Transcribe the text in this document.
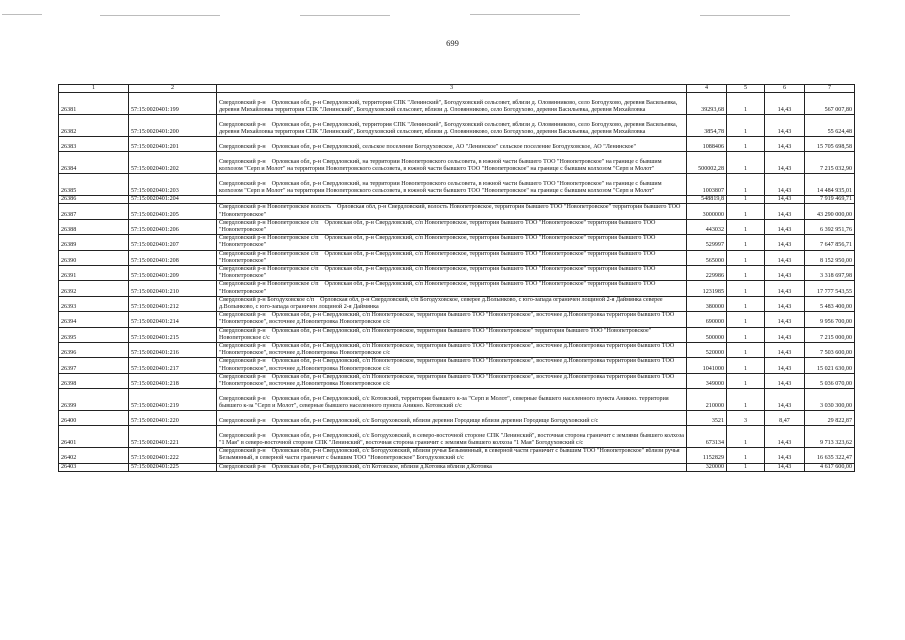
699
1	2	3	4	5	6	7
26381	57:15:0020401:199	Свердловский р-н Орловская обл, р-н Свердловский, территория СПК "Ленинский", Богодуховский сельсовет, вблизи д. Оловянниково, село Богодухово, деревня Васильевка, деревня Михайловка территория СПК "Ленинский", Богодуховский сельсовет, вблизи д. Оловянниково, село Богодухово, деревня Васильевка, деревня Михайловка	39293,68	1	14,43	567 007,80
26382	57:15:0020401:200	Свердловский р-н Орловская обл, р-н Свердловский, территория СПК "Ленинский", Богодуховский сельсовет, вблизи д. Оловянниково, село Богодухово, деревня Васильевка, деревня Михайловка территория СПК "Ленинский", Богодуховский сельсовет, вблизи д. Оловянниково, село Богодухово, деревня Васильевка, деревня Михайловка	3854,78	1	14,43	55 624,48
26383	57:15:0020401:201	Свердловский р-н Орловская обл, р-н Свердловский, сельское поселение Богодуховское, АО "Ленинское" сельское поселение Богодуховское, АО "Ленинское"	1088406	1	14,43	15 705 698,58
26384	57:15:0020401:202	Свердловский р-н Орловская обл, р-н Свердловский, на территории Новопетровского сельсовета, в южной части бывшего ТОО "Новопетровское" на границе с бывшим колхозом "Серп и Молот" на территории Новопетровского сельсовета, в южной части бывшего ТОО "Новопетровское" на границе с бывшим колхозом "Серп и Молот"	500002,28	1	14,43	7 215 032,90
26385	57:15:0020401:203	Свердловский р-н Орловская обл, р-н Свердловский, на территории Новопетровского сельсовета, в южной части бывшего ТОО "Новопетровское" на границе с бывшим колхозом "Серп и Молот" на территории Новопетровского сельсовета, в южной части бывшего ТОО "Новопетровское" на границе с бывшим колхозом "Серп и Молот"	1003807	1	14,43	14 484 935,01
26386	57:15:0020401:204		548819,8	1	14,43	7 919 469,71
26387	57:15:0020401:205	Свердловский р-н Новопетровское волость Орловская обл, р-н Свердловский, волость Новопетровское, территория бывшего ТОО "Новопетровское" территория бывшего ТОО "Новопетровское"	3000000	1	14,43	43 290 000,00
26388	57:15:0020401:206	Свердловский р-н Новопетровское с/п Орловская обл, р-н Свердловский, с/п Новопетровское, территория бывшего ТОО "Новопетровское" территория бывшего ТОО "Новопетровское"	443032	1	14,43	6 392 951,76
26389	57:15:0020401:207	Свердловский р-н Новопетровское с/п Орловская обл, р-н Свердловский, с/п Новопетровское, территория бывшего ТОО "Новопетровское" территория бывшего ТОО "Новопетровское"	529997	1	14,43	7 647 856,71
26390	57:15:0020401:208	Свердловский р-н Новопетровское с/п Орловская обл, р-н Свердловский, с/п Новопетровское, территория бывшего ТОО "Новопетровское" территория бывшего ТОО "Новопетровское"	565000	1	14,43	8 152 950,00
26391	57:15:0020401:209	Свердловский р-н Новопетровское с/п Орловская обл, р-н Свердловский, с/п Новопетровское, территория бывшего ТОО "Новопетровское" территория бывшего ТОО "Новопетровское"	229986	1	14,43	3 318 697,98
26392	57:15:0020401:210	Свердловский р-н Новопетровское с/п Орловская обл, р-н Свердловский, с/п Новопетровское, территория бывшего ТОО "Новопетровское" территория бывшего ТОО "Новопетровское"	1231985	1	14,43	17 777 543,55
26393	57:15:0020401:212	Свердловский р-н Богодуховское с/п Орловская обл, р-н Свердловский, с/п Богодуховское, северее д.Волынково, с юго-запада ограничен лощиной 2-я Даймянка северее д.Волынково, с юго-запада ограничен лощиной 2-я Даймянка	380000	1	14,43	5 483 400,00
26394	57:15:0020401:214	Свердловский р-н Орловская обл, р-н Свердловский, с/п Новопетровское, территория бывшего ТОО "Новопетровское", восточнее д.Новопетровка территория бывшего ТОО "Новопетровское", восточнее д.Новопетровка Новопетровское с/с	690000	1	14,43	9 956 700,00
26395	57:15:0020401:215	Свердловский р-н Орловская обл, р-н Свердловский, с/п Новопетровское, территория бывшего ТОО "Новопетровское" территория бывшего ТОО "Новопетровское" Новопетровское с/с	500000	1	14,43	7 215 000,00
26396	57:15:0020401:216	Свердловский р-н Орловская обл, р-н Свердловский, с/п Новопетровское, территория бывшего ТОО "Новопетровское", восточнее д.Новопетровка территория бывшего ТОО "Новопетровское", восточнее д.Новопетровка Новопетровское с/с	520000	1	14,43	7 503 600,00
26397	57:15:0020401:217	Свердловский р-н Орловская обл, р-н Свердловский, с/п Новопетровское, территория бывшего ТОО "Новопетровское", восточнее д.Новопетровка территория бывшего ТОО "Новопетровское", восточнее д.Новопетровка Новопетровское с/с	1041000	1	14,43	15 021 630,00
26398	57:15:0020401:218	Свердловский р-н Орловская обл, р-н Свердловский, с/п Новопетровское, территория бывшего ТОО "Новопетровское", восточнее д.Новопетровка территория бывшего ТОО "Новопетровское", восточнее д.Новопетровка Новопетровское с/с	349000	1	14,43	5 036 070,00
26399	57:15:0020401:219	Свердловский р-н Орловская обл, р-н Свердловский, с/с Котовский, территория бывшего к-за "Серп и Молот", северные бывшего населенного пункта Аникно. территория бывшего к-за "Серп и Молот", северные бывшего населенного пункта Аникно. Котовский с/с	210000	1	14,43	3 030 300,00
26400	57:15:0020401:220	Свердловский р-н Орловская обл, р-н Свердловский, с/с Богодуховский, вблизи деревни Городище вблизи деревни Городище Богодуховский с/с	3521	3	8,47	29 822,87
26401	57:15:0020401:221	Свердловский р-н Орловская обл, р-н Свердловский, с/с Богодуховский, в северо-восточной стороне СПК "Ленинский", восточная сторона граничит с землями бывшего колхоза "1 Мая" в северо-восточной стороне СПК "Ленинский", восточная сторона граничит с землями бывшего колхоза "1 Мая" Богодуховский с/с	673134	1	14,43	9 713 323,62
26402	57:15:0020401:222	Свердловский р-н Орловская обл, р-н Свердловский, с/с Богодуховский, вблизи ручья Безымянный, в северной части граничит с бывшим ТОО "Новопетровское" вблизи ручья Безымянный, в северной части граничит с бывшим ТОО "Новопетровское" Богодуховский с/с	1152829	1	14,43	16 635 322,47
26403	57:15:0020401:225	Свердловский р-н Орловская обл, р-н Свердловский, с/п Котовское, вблизи д.Котовка вблизи д.Котовка	320000	1	14,43	4 617 600,00
